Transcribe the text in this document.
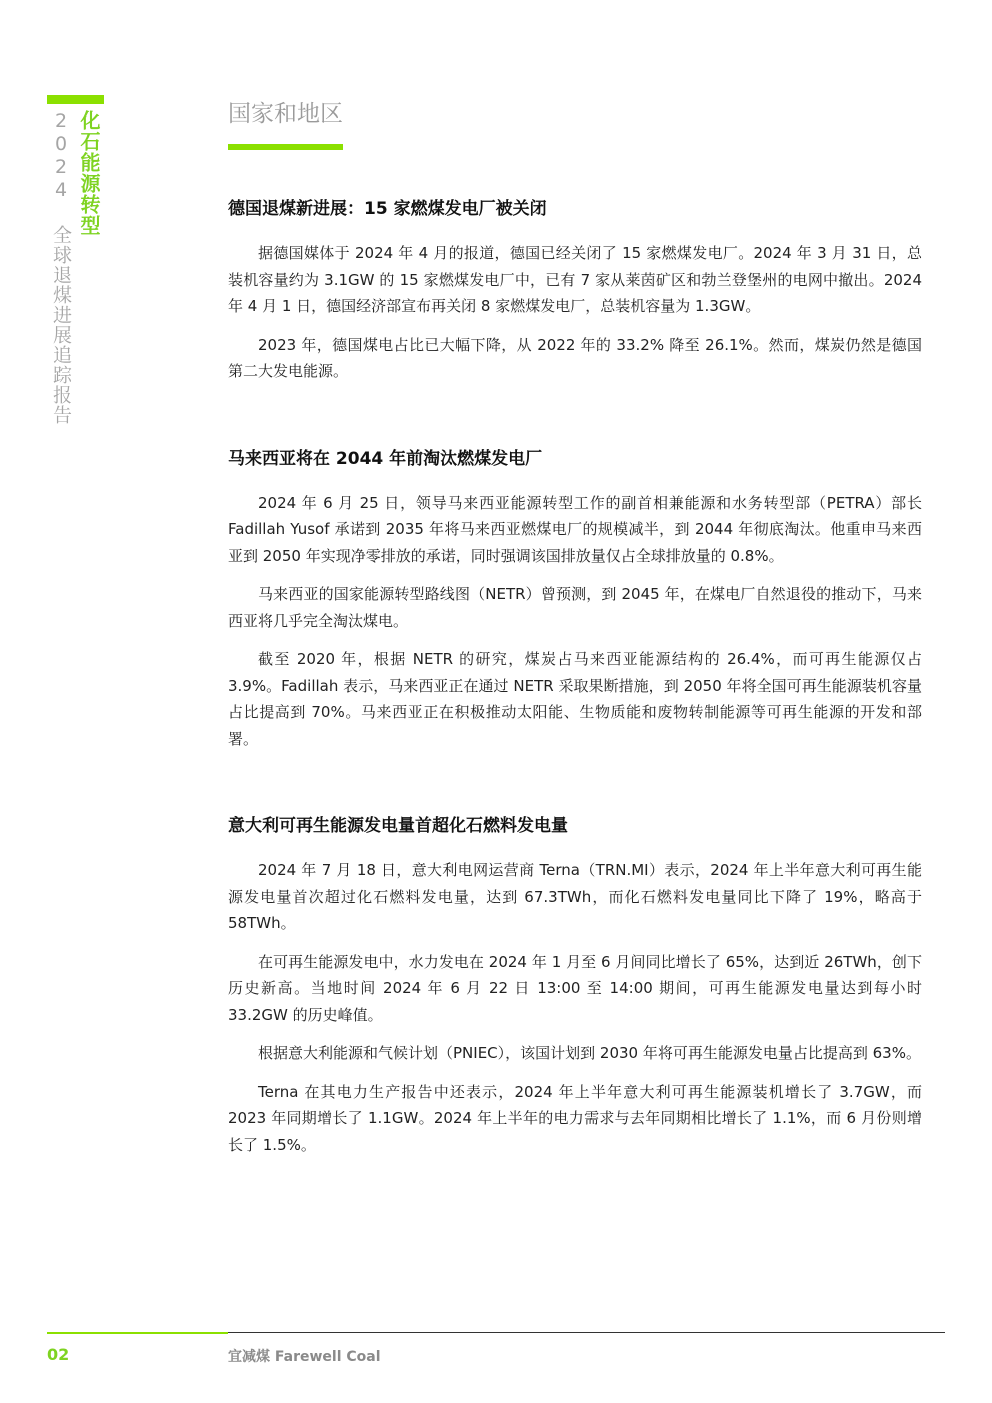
化石能源转型
2024 全球退煤进展追踪报告	国家和地区
德国退煤新进展：15 家燃煤发电厂被关闭

据德国媒体于 2024 年 4 月的报道，德国已经关闭了 15 家燃煤发电厂。2024 年 3 月 31 日，总装机容量约为 3.1GW 的 15 家燃煤发电厂中，已有 7 家从莱茵矿区和勃兰登堡州的电网中撤出。2024 年 4 月 1 日，德国经济部宣布再关闭 8 家燃煤发电厂，总装机容量为 1.3GW。

2023 年，德国煤电占比已大幅下降，从 2022 年的 33.2% 降至 26.1%。然而，煤炭仍然是德国第二大发电能源。

马来西亚将在 2044 年前淘汰燃煤发电厂

2024 年 6 月 25 日，领导马来西亚能源转型工作的副首相兼能源和水务转型部（PETRA）部长 Fadillah Yusof 承诺到 2035 年将马来西亚燃煤电厂的规模减半，到 2044 年彻底淘汰。他重申马来西亚到 2050 年实现净零排放的承诺，同时强调该国排放量仅占全球排放量的 0.8%。

马来西亚的国家能源转型路线图（NETR）曾预测，到 2045 年，在煤电厂自然退役的推动下，马来西亚将几乎完全淘汰煤电。

截至 2020 年，根据 NETR 的研究，煤炭占马来西亚能源结构的 26.4%，而可再生能源仅占 3.9%。Fadillah 表示，马来西亚正在通过 NETR 采取果断措施，到 2050 年将全国可再生能源装机容量占比提高到 70%。马来西亚正在积极推动太阳能、生物质能和废物转制能源等可再生能源的开发和部署。

意大利可再生能源发电量首超化石燃料发电量

2024 年 7 月 18 日，意大利电网运营商 Terna（TRN.MI）表示，2024 年上半年意大利可再生能源发电量首次超过化石燃料发电量，达到 67.3TWh，而化石燃料发电量同比下降了 19%，略高于 58TWh。

在可再生能源发电中，水力发电在 2024 年 1 月至 6 月间同比增长了 65%，达到近 26TWh，创下历史新高。当地时间 2024 年 6 月 22 日 13:00 至 14:00 期间，可再生能源发电量达到每小时 33.2GW 的历史峰值。

根据意大利能源和气候计划（PNIEC），该国计划到 2030 年将可再生能源发电量占比提高到 63%。

Terna 在其电力生产报告中还表示，2024 年上半年意大利可再生能源装机增长了 3.7GW，而 2023 年同期增长了 1.1GW。2024 年上半年的电力需求与去年同期相比增长了 1.1%，而 6 月份则增长了 1.5%。

02	宜减煤 Farewell Coal
